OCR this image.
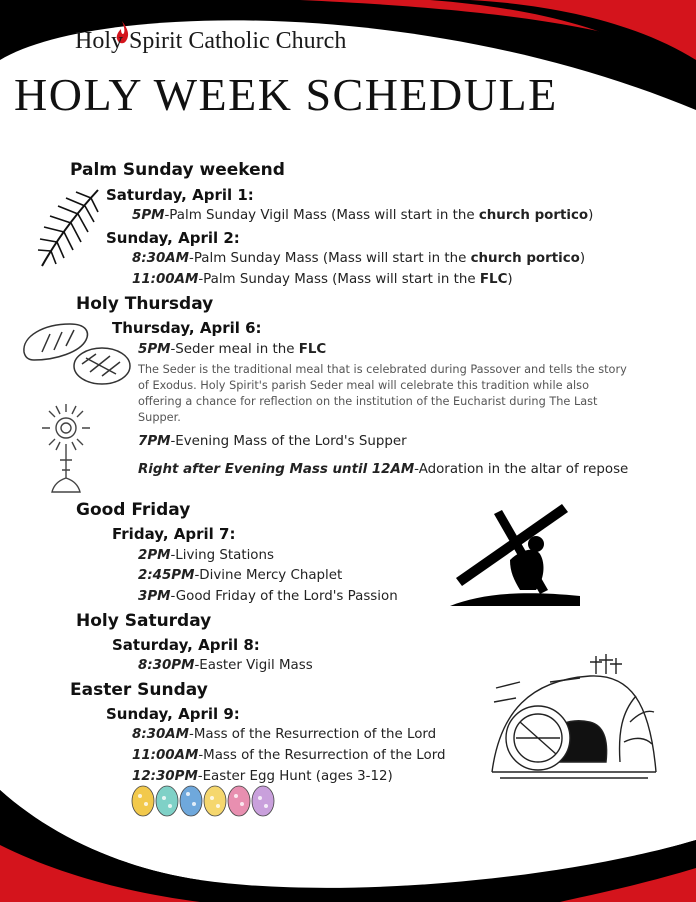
Holy Spirit Catholic Church
HOLY WEEK SCHEDULE
Palm Sunday weekend
Saturday, April 1:
5PM-Palm Sunday Vigil Mass (Mass will start in the church portico)
Sunday, April 2:
8:30AM-Palm Sunday Mass (Mass will start in the church portico)
11:00AM-Palm Sunday Mass (Mass will start in the FLC)
Holy Thursday
Thursday, April 6:
5PM-Seder meal in the FLC
The Seder is the traditional meal that is celebrated during Passover and tells the story of Exodus. Holy Spirit's parish Seder meal will celebrate this tradition while also offering a chance for reflection on the institution of the Eucharist during The Last Supper.
7PM-Evening Mass of the Lord's Supper
Right after Evening Mass until 12AM-Adoration in the altar of repose
Good Friday
Friday, April 7:
2PM-Living Stations
2:45PM-Divine Mercy Chaplet
3PM-Good Friday of the Lord's Passion
Holy Saturday
Saturday, April 8:
8:30PM-Easter Vigil Mass
Easter Sunday
Sunday, April 9:
8:30AM-Mass of the Resurrection of the Lord
11:00AM-Mass of the Resurrection of the Lord
12:30PM-Easter Egg Hunt (ages 3-12)
